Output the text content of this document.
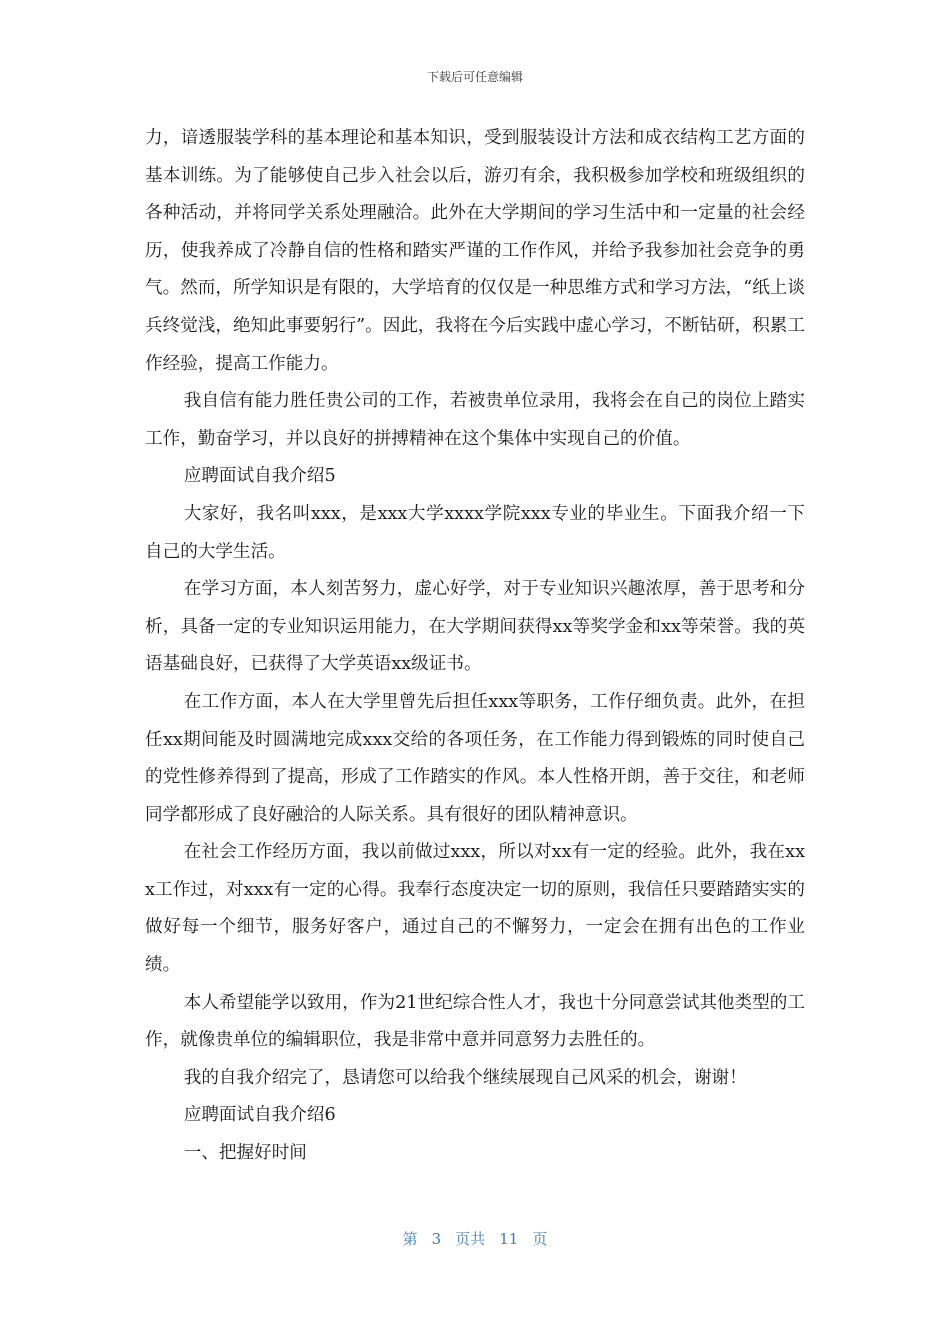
下载后可任意编辑

力，谙透服装学科的基本理论和基本知识，受到服装设计方法和成衣结构工艺方面的基本训练。为了能够使自己步入社会以后，游刃有余，我积极参加学校和班级组织的各种活动，并将同学关系处理融洽。此外在大学期间的学习生活中和一定量的社会经历，使我养成了冷静自信的性格和踏实严谨的工作作风，并给予我参加社会竞争的勇气。然而，所学知识是有限的，大学培育的仅仅是一种思维方式和学习方法，“纸上谈兵终觉浅，绝知此事要躬行”。因此，我将在今后实践中虚心学习，不断钻研，积累工作经验，提高工作能力。

我自信有能力胜任贵公司的工作，若被贵单位录用，我将会在自己的岗位上踏实工作，勤奋学习，并以良好的拼搏精神在这个集体中实现自己的价值。

应聘面试自我介绍5

大家好，我名叫xxx，是xxx大学xxxx学院xxx专业的毕业生。下面我介绍一下自己的大学生活。

在学习方面，本人刻苦努力，虚心好学，对于专业知识兴趣浓厚，善于思考和分析，具备一定的专业知识运用能力，在大学期间获得xx等奖学金和xx等荣誉。我的英语基础良好，已获得了大学英语xx级证书。

在工作方面，本人在大学里曾先后担任xxx等职务，工作仔细负责。此外，在担任xx期间能及时圆满地完成xxx交给的各项任务，在工作能力得到锻炼的同时使自己的党性修养得到了提高，形成了工作踏实的作风。本人性格开朗，善于交往，和老师同学都形成了良好融洽的人际关系。具有很好的团队精神意识。

在社会工作经历方面，我以前做过xxx，所以对xx有一定的经验。此外，我在xxx工作过，对xxx有一定的心得。我奉行态度决定一切的原则，我信任只要踏踏实实的做好每一个细节，服务好客户，通过自己的不懈努力，一定会在拥有出色的工作业绩。

本人希望能学以致用，作为21世纪综合性人才，我也十分同意尝试其他类型的工作，就像贵单位的编辑职位，我是非常中意并同意努力去胜任的。

我的自我介绍完了，恳请您可以给我个继续展现自己风采的机会，谢谢！

应聘面试自我介绍6

一、把握好时间

第 3 页共 11 页
